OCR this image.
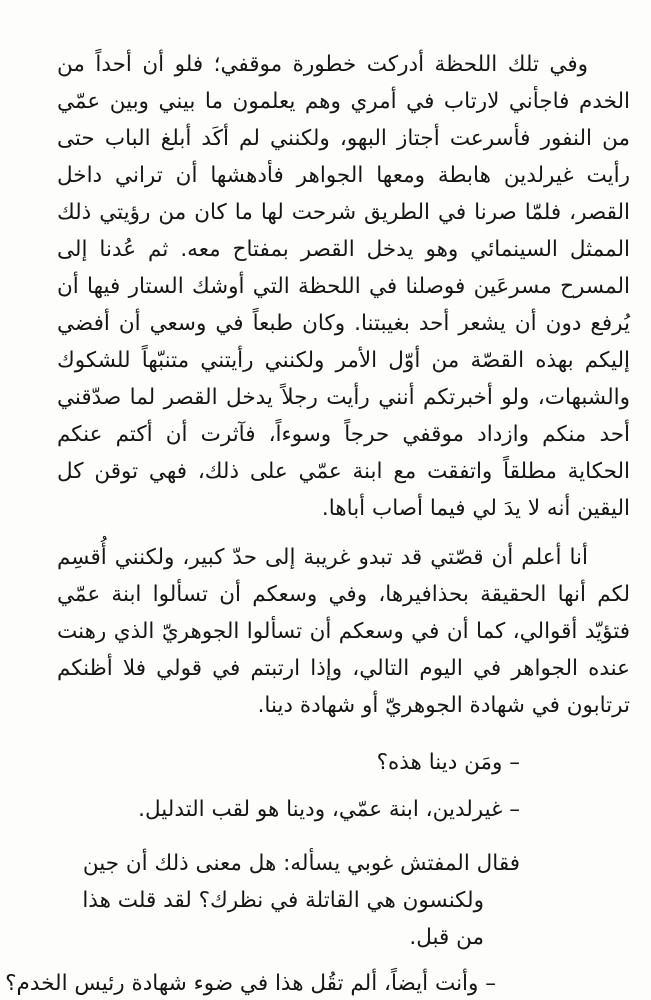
وفي تلك اللحظة أدركت خطورة موقفي؛ فلو أن أحداً من الخدم فاجأني لارتاب في أمري وهم يعلمون ما بيني وبين عمّي من النفور فأسرعت أجتاز البهو، ولكنني لم أكَد أبلغ الباب حتى رأيت غيرلدين هابطة ومعها الجواهر فأدهشها أن تراني داخل القصر، فلمّا صرنا في الطريق شرحت لها ما كان من رؤيتي ذلك الممثل السينمائي وهو يدخل القصر بمفتاح معه. ثم عُدنا إلى المسرح مسرعَين فوصلنا في اللحظة التي أوشك الستار فيها أن يُرفع دون أن يشعر أحد بغيبتنا. وكان طبعاً في وسعي أن أفضي إليكم بهذه القصّة من أوّل الأمر ولكنني رأيتني متنبّهاً للشكوك والشبهات، ولو أخبرتكم أنني رأيت رجلاً يدخل القصر لما صدّقني أحد منكم وازداد موقفي حرجاً وسوءاً، فآثرت أن أكتم عنكم الحكاية مطلقاً واتفقت مع ابنة عمّي على ذلك، فهي توقن كل اليقين أنه لا يدَ لي فيما أصاب أباها.

أنا أعلم أن قصّتي قد تبدو غريبة إلى حدّ كبير، ولكنني أُقسِم لكم أنها الحقيقة بحذافيرها، وفي وسعكم أن تسألوا ابنة عمّي فتؤيّد أقوالي، كما أن في وسعكم أن تسألوا الجوهريّ الذي رهنت عنده الجواهر في اليوم التالي، وإذا ارتبتم في قولي فلا أظنكم ترتابون في شهادة الجوهريّ أو شهادة دينا.

– ومَن دينا هذه؟

– غيرلدين، ابنة عمّي، ودينا هو لقب التدليل.

فقال المفتش غوبي يسأله: هل معنى ذلك أن جين ولكنسون هي القاتلة في نظرك؟ لقد قلت هذا من قبل.

– وأنت أيضاً، ألم تقُل هذا في ضوء شهادة رئيس الخدم؟
